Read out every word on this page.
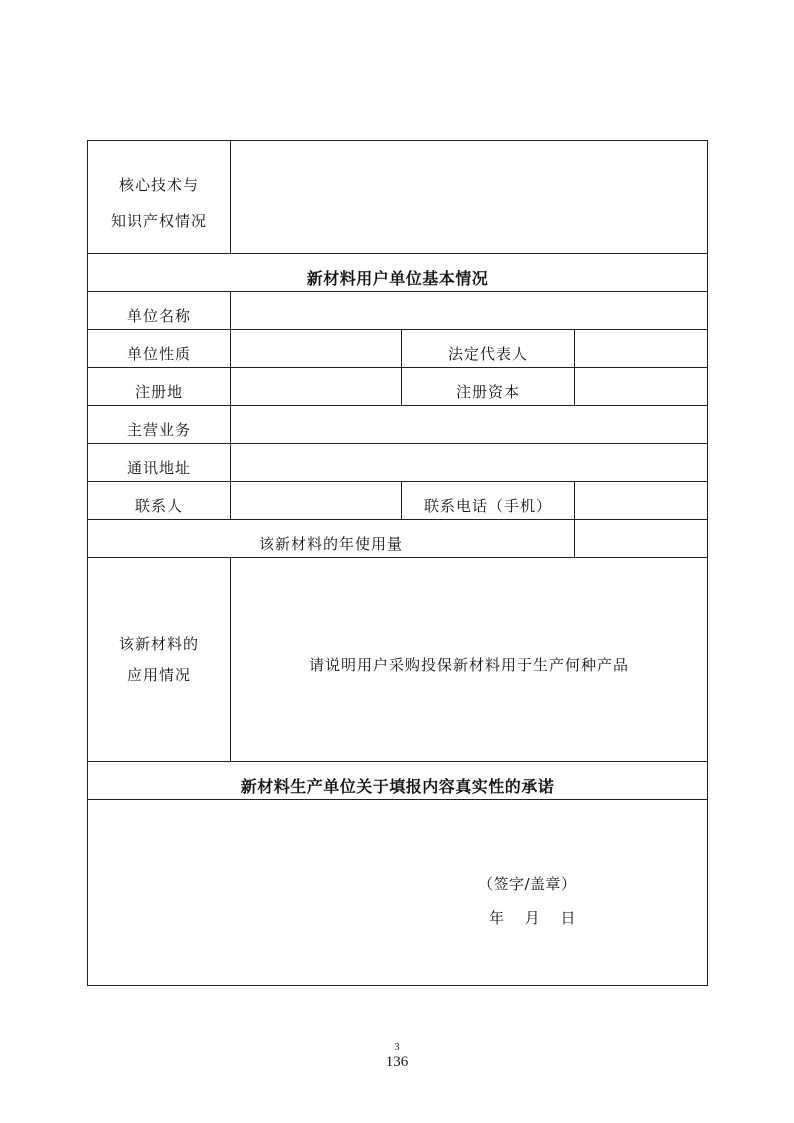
核心技术与
知识产权情况
新材料用户单位基本情况
单位名称
单位性质	法定代表人
注册地	注册资本
主营业务
通讯地址
联系人	联系电话（手机）
该新材料的年使用量
该新材料的
应用情况
请说明用户采购投保新材料用于生产何种产品
新材料生产单位关于填报内容真实性的承诺
（签字/盖章）
年 月 日
3
136
